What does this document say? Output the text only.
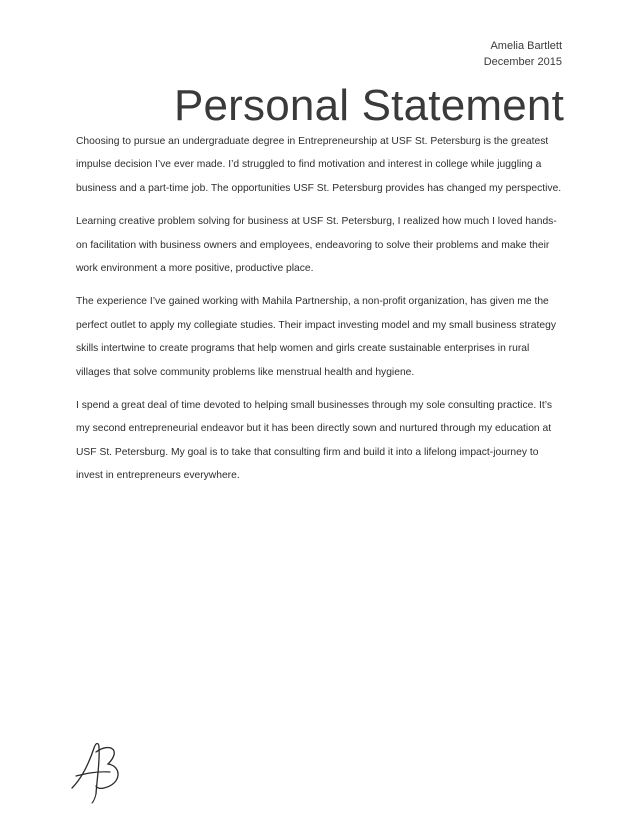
Amelia Bartlett
December 2015
Personal Statement

Choosing to pursue an undergraduate degree in Entrepreneurship at USF St. Petersburg is the greatest impulse decision I’ve ever made. I’d struggled to find motivation and interest in college while juggling a business and a part-time job. The opportunities USF St. Petersburg provides has changed my perspective.

Learning creative problem solving for business at USF St. Petersburg, I realized how much I loved hands-on facilitation with business owners and employees, endeavoring to solve their problems and make their work environment a more positive, productive place.

The experience I’ve gained working with Mahila Partnership, a non-profit organization, has given me the perfect outlet to apply my collegiate studies. Their impact investing model and my small business strategy skills intertwine to create programs that help women and girls create sustainable enterprises in rural villages that solve community problems like menstrual health and hygiene.

I spend a great deal of time devoted to helping small businesses through my sole consulting practice. It’s my second entrepreneurial endeavor but it has been directly sown and nurtured through my education at USF St. Petersburg. My goal is to take that consulting firm and build it into a lifelong impact-journey to invest in entrepreneurs everywhere.
